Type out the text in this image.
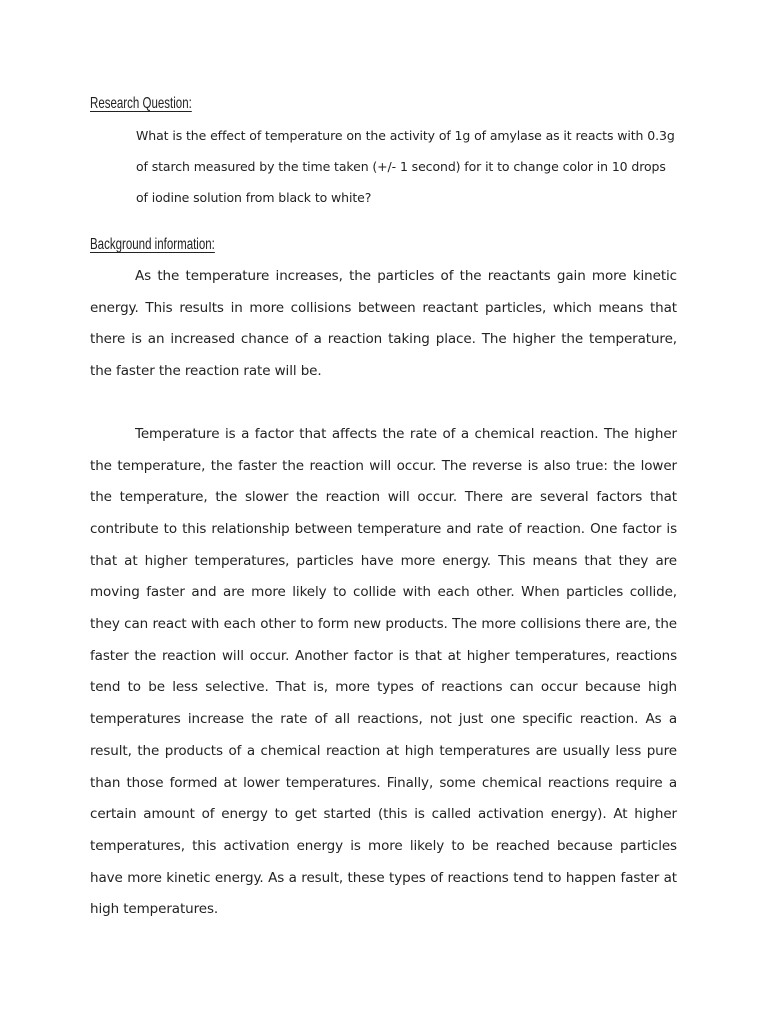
Research Question:

What is the effect of temperature on the activity of 1g of amylase as it reacts with 0.3g of starch measured by the time taken (+/- 1 second) for it to change color in 10 drops of iodine solution from black to white?

Background information:

As the temperature increases, the particles of the reactants gain more kinetic energy. This results in more collisions between reactant particles, which means that there is an increased chance of a reaction taking place. The higher the temperature, the faster the reaction rate will be.

Temperature is a factor that affects the rate of a chemical reaction. The higher the temperature, the faster the reaction will occur. The reverse is also true: the lower the temperature, the slower the reaction will occur. There are several factors that contribute to this relationship between temperature and rate of reaction. One factor is that at higher temperatures, particles have more energy. This means that they are moving faster and are more likely to collide with each other. When particles collide, they can react with each other to form new products. The more collisions there are, the faster the reaction will occur. Another factor is that at higher temperatures, reactions tend to be less selective. That is, more types of reactions can occur because high temperatures increase the rate of all reactions, not just one specific reaction. As a result, the products of a chemical reaction at high temperatures are usually less pure than those formed at lower temperatures. Finally, some chemical reactions require a certain amount of energy to get started (this is called activation energy). At higher temperatures, this activation energy is more likely to be reached because particles have more kinetic energy. As a result, these types of reactions tend to happen faster at high temperatures.
